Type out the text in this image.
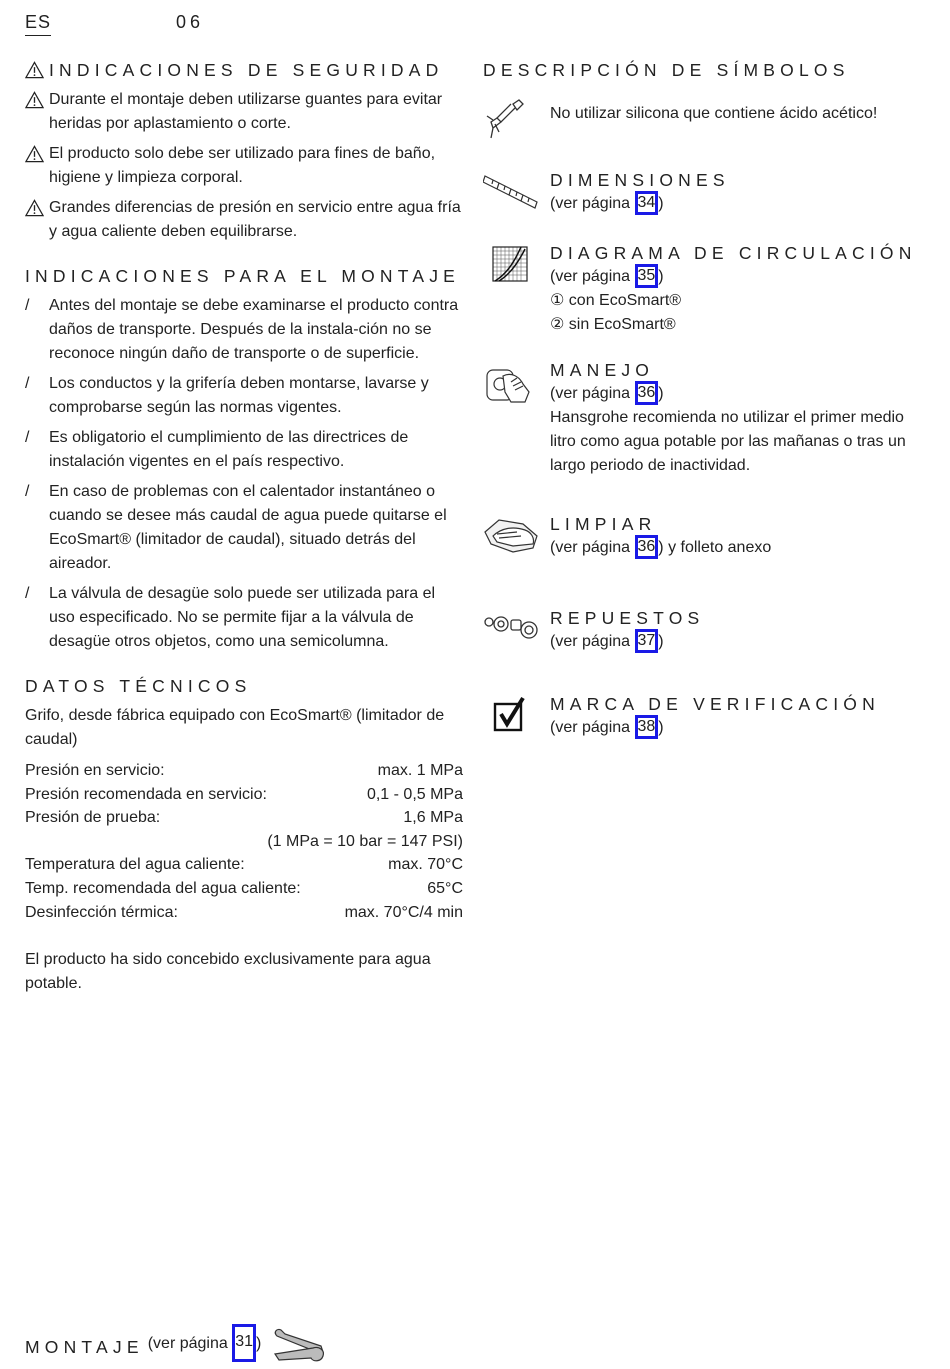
ES	06
INDICACIONES DE SEGURIDAD
Durante el montaje deben utilizarse guantes para evitar heridas por aplastamiento o corte.
El producto solo debe ser utilizado para fines de baño, higiene y limpieza corporal.
Grandes diferencias de presión en servicio entre agua fría y agua caliente deben equilibrarse.
INDICACIONES PARA EL MONTAJE
/	Antes del montaje se debe examinarse el producto contra daños de transporte. Después de la instala-ción no se reconoce ningún daño de transporte o de superficie.
/	Los conductos y la grifería deben montarse, lavarse y comprobarse según las normas vigentes.
/	Es obligatorio el cumplimiento de las directrices de instalación vigentes en el país respectivo.
/	En caso de problemas con el calentador instantáneo o cuando se desee más caudal de agua puede quitarse el EcoSmart® (limitador de caudal), situado detrás del aireador.
/	La válvula de desagüe solo puede ser utilizada para el uso especificado. No se permite fijar a la válvula de desagüe otros objetos, como una semicolumna.
DATOS TÉCNICOS

Grifo, desde fábrica equipado con EcoSmart® (limitador de caudal)

Presión en servicio:	max. 1 MPa
Presión recomendada en servicio:	0,1 - 0,5 MPa
Presión de prueba:	1,6 MPa
(1 MPa = 10 bar = 147 PSI)
Temperatura del agua caliente:	max. 70°C
Temp. recomendada del agua caliente:	65°C
Desinfección térmica:	max. 70°C/4 min

El producto ha sido concebido exclusivamente para agua potable.

DESCRIPCIÓN DE SÍMBOLOS

No utilizar silicona que contiene ácido acético!

DIMENSIONES
(ver página 34 )
DIAGRAMA DE CIRCULACIÓN
(ver página 35 )
① con EcoSmart®
② sin EcoSmart®
MANEJO
(ver página 36 )

Hansgrohe recomienda no utilizar el primer medio litro como agua potable por las mañanas o tras un largo periodo de inactividad.

LIMPIAR
(ver página 36 ) y folleto anexo
REPUESTOS
(ver página 37 )
MARCA DE VERIFICACIÓN
(ver página 38 )
MONTAJE (ver página 31 )
